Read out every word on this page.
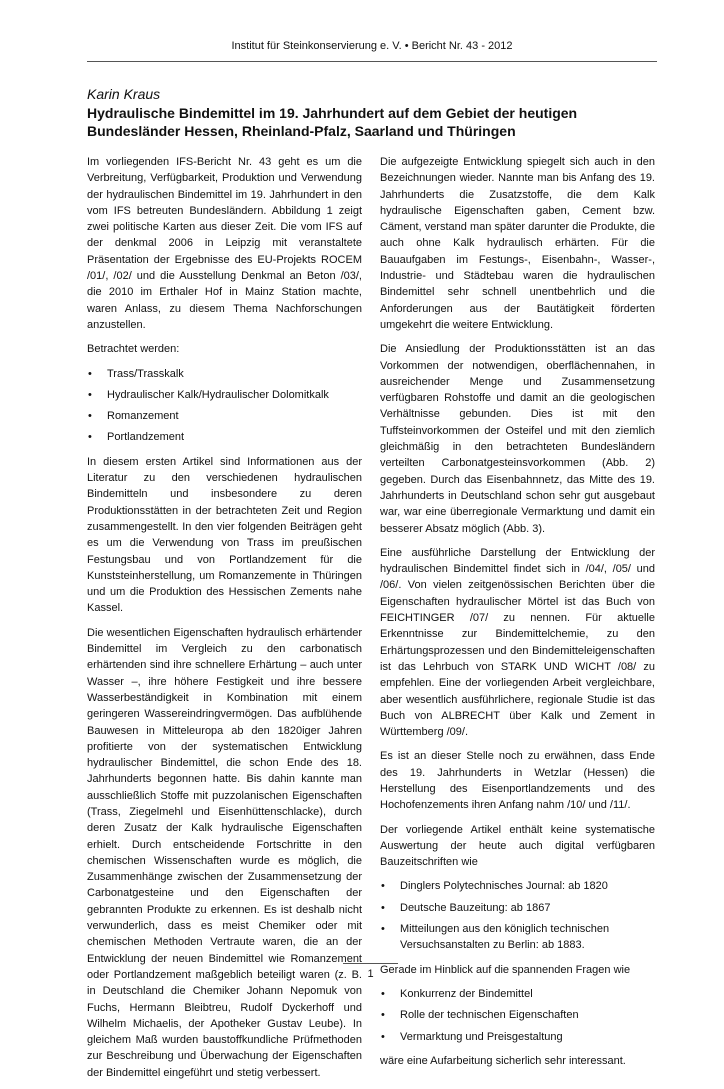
Institut für Steinkonservierung e. V. • Bericht Nr. 43 - 2012
Karin Kraus
Hydraulische Bindemittel im 19. Jahrhundert auf dem Gebiet der heutigen Bundesländer Hessen, Rheinland-Pfalz, Saarland und Thüringen

Im vorliegenden IFS-Bericht Nr. 43 geht es um die Verbreitung, Verfügbarkeit, Produktion und Verwendung der hydraulischen Bindemittel im 19. Jahrhundert in den vom IFS betreuten Bundesländern. Abbildung 1 zeigt zwei politische Karten aus dieser Zeit. Die vom IFS auf der denkmal 2006 in Leipzig mit veranstaltete Präsentation der Ergebnisse des EU-Projekts ROCEM /01/, /02/ und die Ausstellung Denkmal an Beton /03/, die 2010 im Erthaler Hof in Mainz Station machte, waren Anlass, zu diesem Thema Nachforschungen anzustellen.

Betrachtet werden:

• Trass/Trasskalk
• Hydraulischer Kalk/Hydraulischer Dolomitkalk
• Romanzement
• Portlandzement

In diesem ersten Artikel sind Informationen aus der Literatur zu den verschiedenen hydraulischen Bindemitteln und insbesondere zu deren Produktionsstätten in der betrachteten Zeit und Region zusammengestellt. In den vier folgenden Beiträgen geht es um die Verwendung von Trass im preußischen Festungsbau und von Portlandzement für die Kunststeinherstellung, um Romanzemente in Thüringen und um die Produktion des Hessischen Zements nahe Kassel.

Die wesentlichen Eigenschaften hydraulisch erhärtender Bindemittel im Vergleich zu den carbonatisch erhärtenden sind ihre schnellere Erhärtung – auch unter Wasser –, ihre höhere Festigkeit und ihre bessere Wasserbeständigkeit in Kombination mit einem geringeren Wassereindringvermögen. Das aufblühende Bauwesen in Mitteleuropa ab den 1820iger Jahren profitierte von der systematischen Entwicklung hydraulischer Bindemittel, die schon Ende des 18. Jahrhunderts begonnen hatte. Bis dahin kannte man ausschließlich Stoffe mit puzzolanischen Eigenschaften (Trass, Ziegelmehl und Eisenhüttenschlacke), durch deren Zusatz der Kalk hydraulische Eigenschaften erhielt. Durch entscheidende Fortschritte in den chemischen Wissenschaften wurde es möglich, die Zusammenhänge zwischen der Zusammensetzung der Carbonatgesteine und den Eigenschaften der gebrannten Produkte zu erkennen. Es ist deshalb nicht verwunderlich, dass es meist Chemiker oder mit chemischen Methoden Vertraute waren, die an der Entwicklung der neuen Bindemittel wie Romanzement oder Portlandzement maßgeblich beteiligt waren (z. B. in Deutschland die Chemiker Johann Nepomuk von Fuchs, Hermann Bleibtreu, Rudolf Dyckerhoff und Wilhelm Michaelis, der Apotheker Gustav Leube). In gleichem Maß wurden baustoffkundliche Prüfmethoden zur Beschreibung und Überwachung der Eigenschaften der Bindemittel eingeführt und stetig verbessert.

Die aufgezeigte Entwicklung spiegelt sich auch in den Bezeichnungen wieder. Nannte man bis Anfang des 19. Jahrhunderts die Zusatzstoffe, die dem Kalk hydraulische Eigenschaften gaben, Cement bzw. Cäment, verstand man später darunter die Produkte, die auch ohne Kalk hydraulisch erhärten. Für die Bauaufgaben im Festungs-, Eisenbahn-, Wasser-, Industrie- und Städtebau waren die hydraulischen Bindemittel sehr schnell unentbehrlich und die Anforderungen aus der Bautätigkeit förderten umgekehrt die weitere Entwicklung.

Die Ansiedlung der Produktionsstätten ist an das Vorkommen der notwendigen, oberflächennahen, in ausreichender Menge und Zusammensetzung verfügbaren Rohstoffe und damit an die geologischen Verhältnisse gebunden. Dies ist mit den Tuffsteinvorkommen der Osteifel und mit den ziemlich gleichmäßig in den betrachteten Bundesländern verteilten Carbonatgesteinsvorkommen (Abb. 2) gegeben. Durch das Eisenbahnnetz, das Mitte des 19. Jahrhunderts in Deutschland schon sehr gut ausgebaut war, war eine überregionale Vermarktung und damit ein besserer Absatz möglich (Abb. 3).

Eine ausführliche Darstellung der Entwicklung der hydraulischen Bindemittel findet sich in /04/, /05/ und /06/. Von vielen zeitgenössischen Berichten über die Eigenschaften hydraulischer Mörtel ist das Buch von FEICHTINGER /07/ zu nennen. Für aktuelle Erkenntnisse zur Bindemittelchemie, zu den Erhärtungsprozessen und den Bindemitteleigenschaften ist das Lehrbuch von STARK UND WICHT /08/ zu empfehlen. Eine der vorliegenden Arbeit vergleichbare, aber wesentlich ausführlichere, regionale Studie ist das Buch von ALBRECHT über Kalk und Zement in Württemberg /09/.

Es ist an dieser Stelle noch zu erwähnen, dass Ende des 19. Jahrhunderts in Wetzlar (Hessen) die Herstellung des Eisenportlandzements und des Hochofenzements ihren Anfang nahm /10/ und /11/.

Der vorliegende Artikel enthält keine systematische Auswertung der heute auch digital verfügbaren Bauzeitschriften wie

• Dinglers Polytechnisches Journal: ab 1820
• Deutsche Bauzeitung: ab 1867
• Mitteilungen aus den königlich technischen Versuchsanstalten zu Berlin: ab 1883.

Gerade im Hinblick auf die spannenden Fragen wie

• Konkurrenz der Bindemittel
• Rolle der technischen Eigenschaften
• Vermarktung und Preisgestaltung

wäre eine Aufarbeitung sicherlich sehr interessant.

1
